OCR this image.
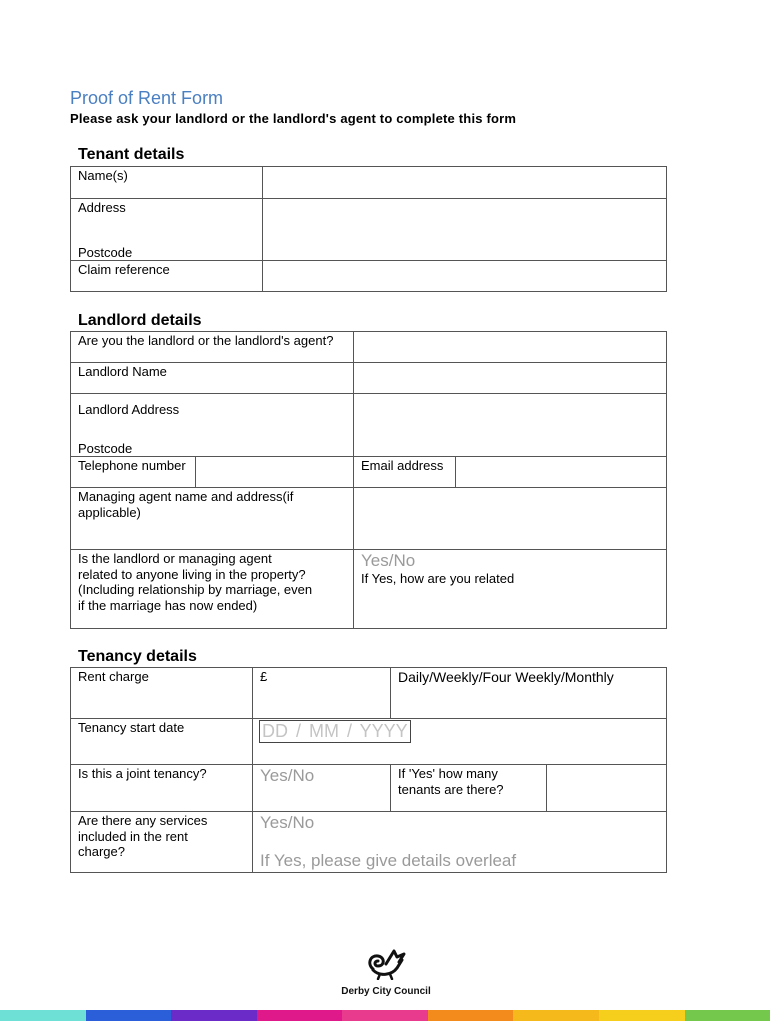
Proof of Rent Form
Please ask your landlord or the landlord's agent to complete this form
Tenant details
Name(s)	

Address
Postcode	

Claim reference	
Landlord details
Are you the landlord or the landlord's agent?			
Landlord Name			

Landlord Address
Postcode			

Telephone number		Email address	
Managing agent name and address(if applicable)			
Is the landlord or managing agent related to anyone living in the property? (Including relationship by marriage, even if the marriage has now ended)		Yes/No
If Yes, how are you related	
Tenancy details
Rent charge	£	Daily/Weekly/Four Weekly/Monthly	
Tenancy start date	DD / MM / YYYY		
Is this a joint tenancy?	Yes/No	If 'Yes' how many tenants are there?	
Are there any services included in the rent charge?	Yes/No
If Yes, please give details overleaf		
Derby City Council
